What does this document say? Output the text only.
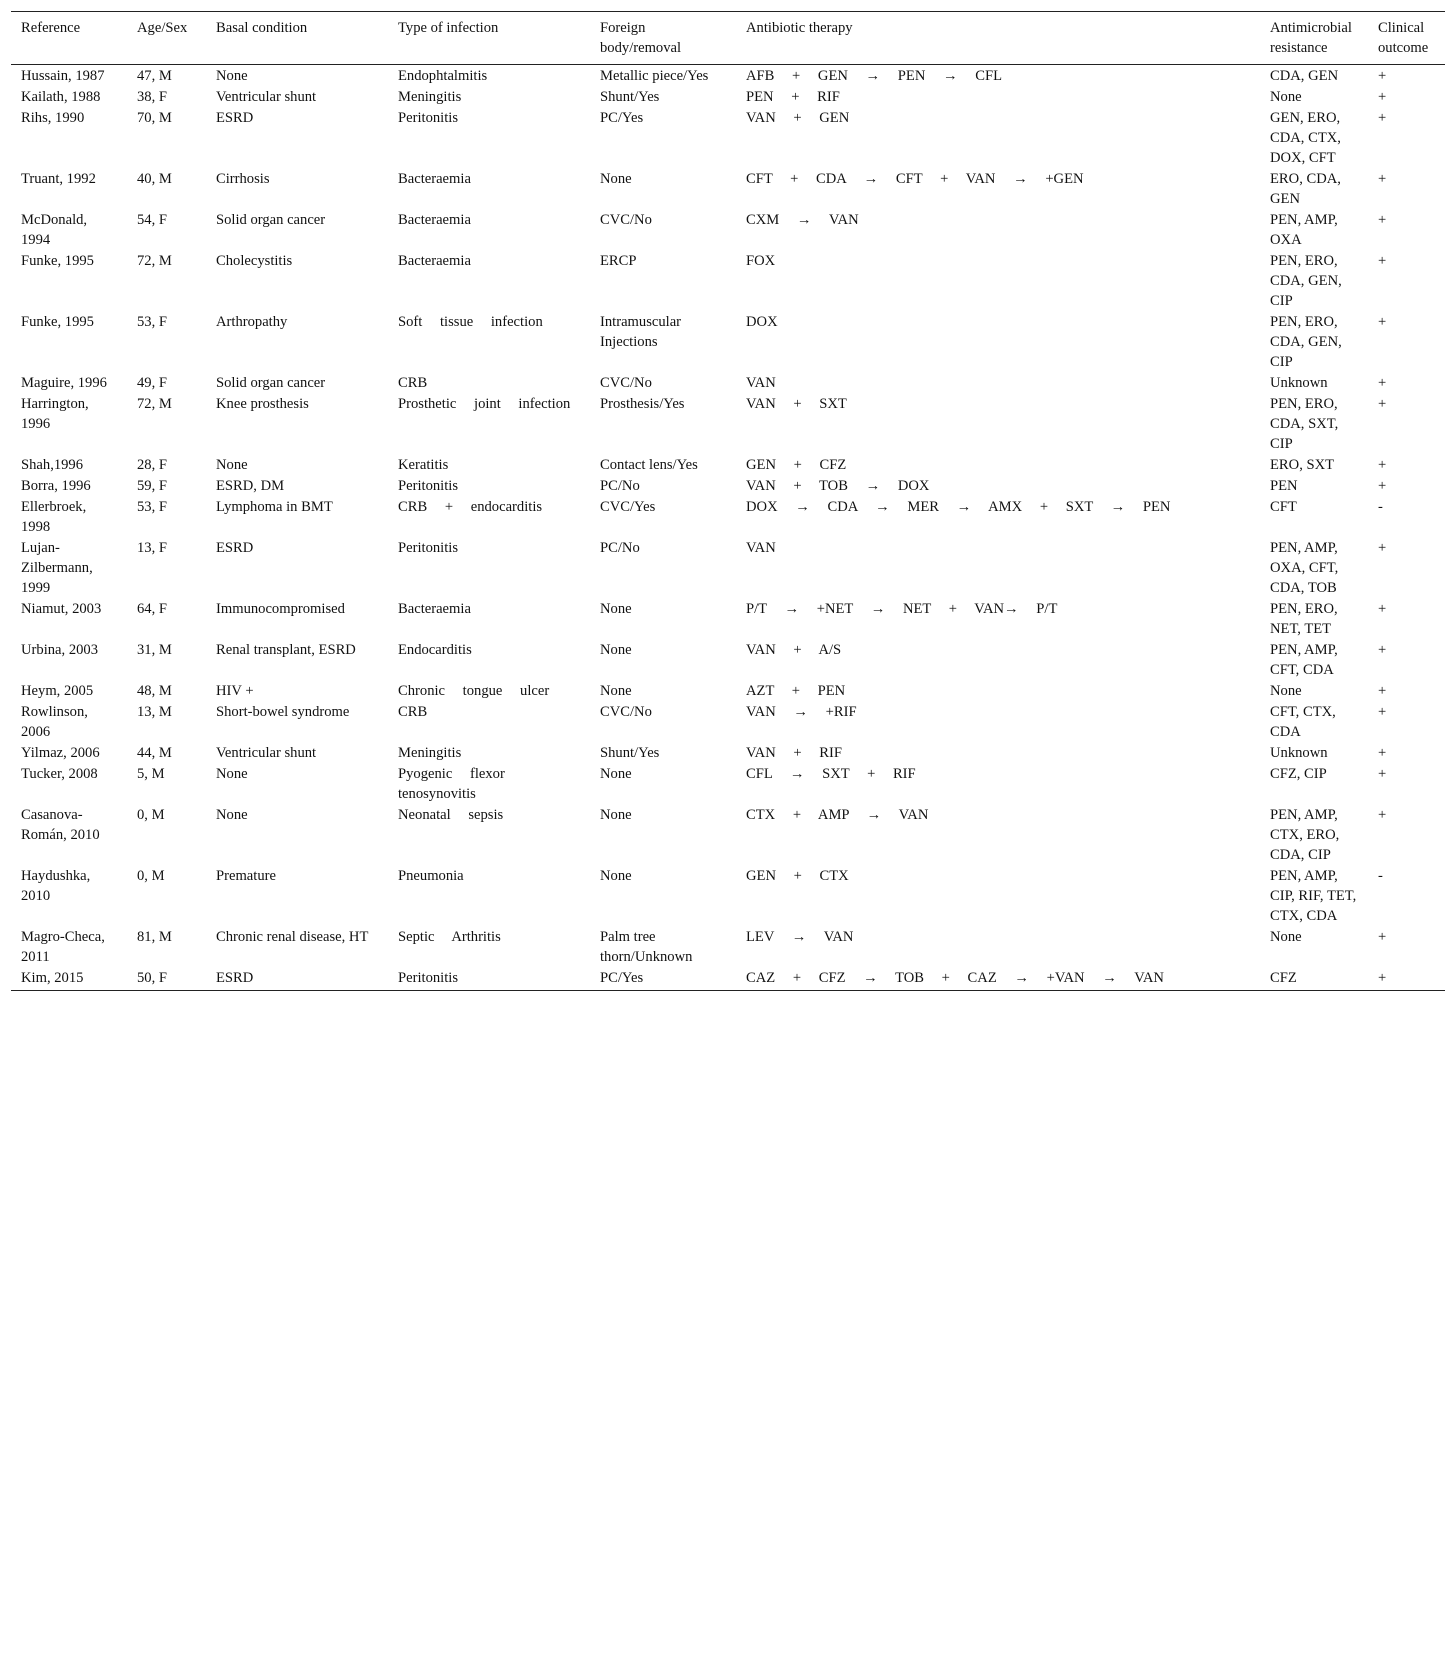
Reference	Age/Sex	Basal condition	Type of infection	Foreign body/removal	Antibiotic therapy	Antimicrobial resistance	Clinical outcome
Hussain, 1987	47, M	None	Endophtalmitis	Metallic piece/Yes	AFB + GEN → PEN → CFL	CDA, GEN	+
Kailath, 1988	38, F	Ventricular shunt	Meningitis	Shunt/Yes	PEN + RIF	None	+
Rihs, 1990	70, M	ESRD	Peritonitis	PC/Yes	VAN + GEN	GEN, ERO, CDA, CTX, DOX, CFT	+
Truant, 1992	40, M	Cirrhosis	Bacteraemia	None	CFT + CDA → CFT + VAN → +GEN	ERO, CDA, GEN	+
McDonald, 1994	54, F	Solid organ cancer	Bacteraemia	CVC/No	CXM → VAN	PEN, AMP, OXA	+
Funke, 1995	72, M	Cholecystitis	Bacteraemia	ERCP	FOX	PEN, ERO, CDA, GEN, CIP	+
Funke, 1995	53, F	Arthropathy	Soft tissue infection	Intramuscular Injections	DOX	PEN, ERO, CDA, GEN, CIP	+
Maguire, 1996	49, F	Solid organ cancer	CRB	CVC/No	VAN	Unknown	+
Harrington, 1996	72, M	Knee prosthesis	Prosthetic joint infection	Prosthesis/Yes	VAN + SXT	PEN, ERO, CDA, SXT, CIP	+
Shah,1996	28, F	None	Keratitis	Contact lens/Yes	GEN + CFZ	ERO, SXT	+
Borra, 1996	59, F	ESRD, DM	Peritonitis	PC/No	VAN + TOB → DOX	PEN	+
Ellerbroek, 1998	53, F	Lymphoma in BMT	CRB + endocarditis	CVC/Yes	DOX → CDA → MER → AMX + SXT → PEN	CFT	-
Lujan-Zilbermann, 1999	13, F	ESRD	Peritonitis	PC/No	VAN	PEN, AMP, OXA, CFT, CDA, TOB	+
Niamut, 2003	64, F	Immunocompromised	Bacteraemia	None	P/T → +NET → NET + VAN→ P/T	PEN, ERO, NET, TET	+
Urbina, 2003	31, M	Renal transplant, ESRD	Endocarditis	None	VAN + A/S	PEN, AMP, CFT, CDA	+
Heym, 2005	48, M	HIV +	Chronic tongue ulcer	None	AZT + PEN	None	+
Rowlinson, 2006	13, M	Short-bowel syndrome	CRB	CVC/No	VAN → +RIF	CFT, CTX, CDA	+
Yilmaz, 2006	44, M	Ventricular shunt	Meningitis	Shunt/Yes	VAN + RIF	Unknown	+
Tucker, 2008	5, M	None	Pyogenic flexor tenosynovitis	None	CFL → SXT + RIF	CFZ, CIP	+
Casanova-Román, 2010	0, M	None	Neonatal sepsis	None	CTX + AMP → VAN	PEN, AMP, CTX, ERO, CDA, CIP	+
Haydushka, 2010	0, M	Premature	Pneumonia	None	GEN + CTX	PEN, AMP, CIP, RIF, TET, CTX, CDA	-
Magro-Checa, 2011	81, M	Chronic renal disease, HT	Septic Arthritis	Palm tree thorn/Unknown	LEV → VAN	None	+
Kim, 2015	50, F	ESRD	Peritonitis	PC/Yes	CAZ + CFZ → TOB + CAZ → +VAN → VAN	CFZ	+
